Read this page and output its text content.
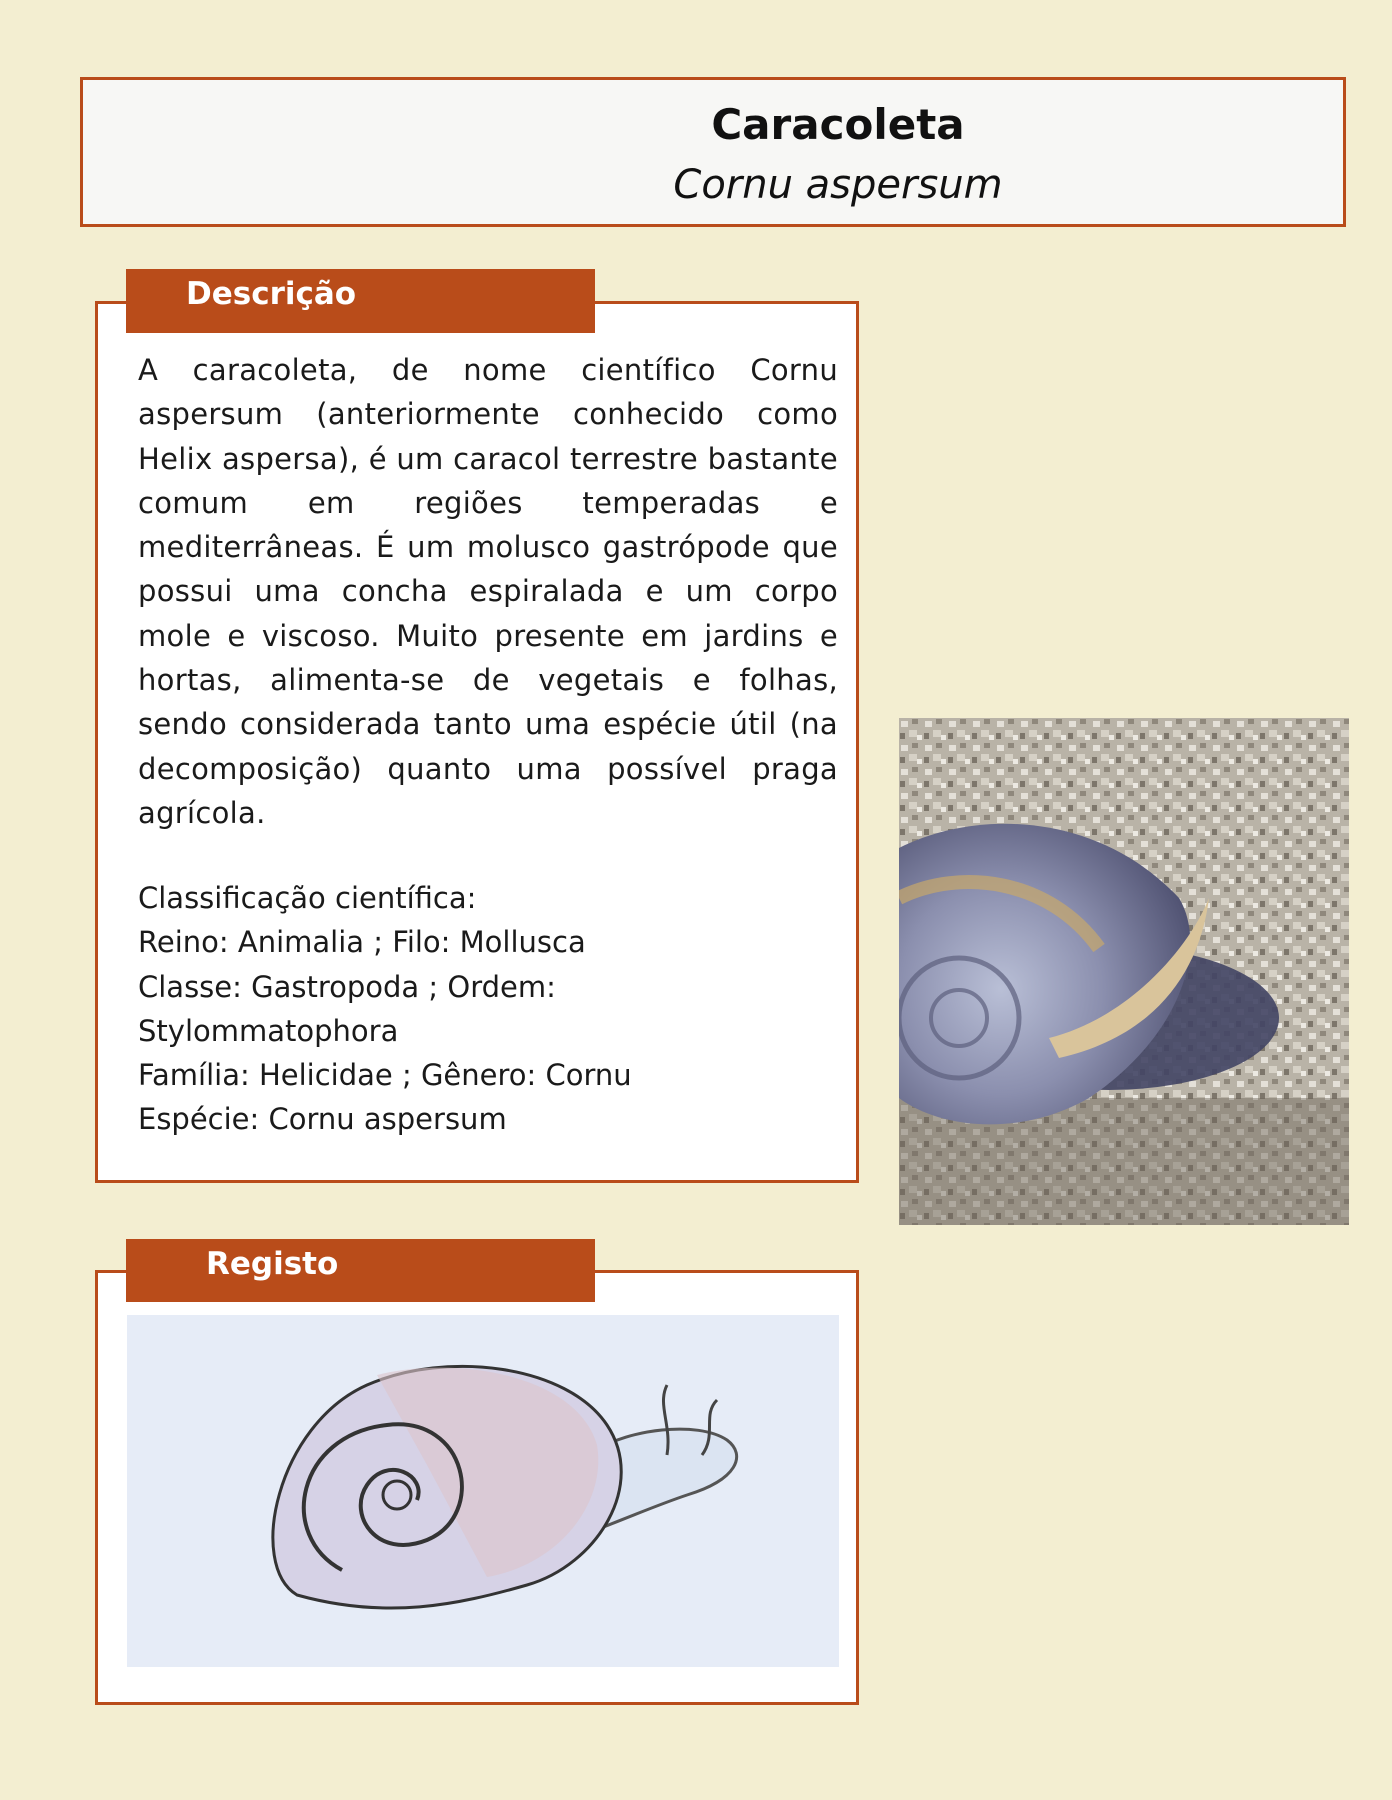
Caracoleta
Cornu aspersum

A caracoleta, de nome científico Cornu aspersum (anteriormente conhecido como Helix aspersa), é um caracol terrestre bastante comum em regiões temperadas e mediterrâneas. É um molusco gastrópode que possui uma concha espiralada e um corpo mole e viscoso. Muito presente em jardins e hortas, alimenta-se de vegetais e folhas, sendo considerada tanto uma espécie útil (na decomposição) quanto uma possível praga agrícola.

Classificação científica:
Reino: Animalia ; Filo: Mollusca
Classe: Gastropoda ; Ordem:
Stylommatophora
Família: Helicidae ; Gênero: Cornu
Espécie: Cornu aspersum
Descrição
Registo
